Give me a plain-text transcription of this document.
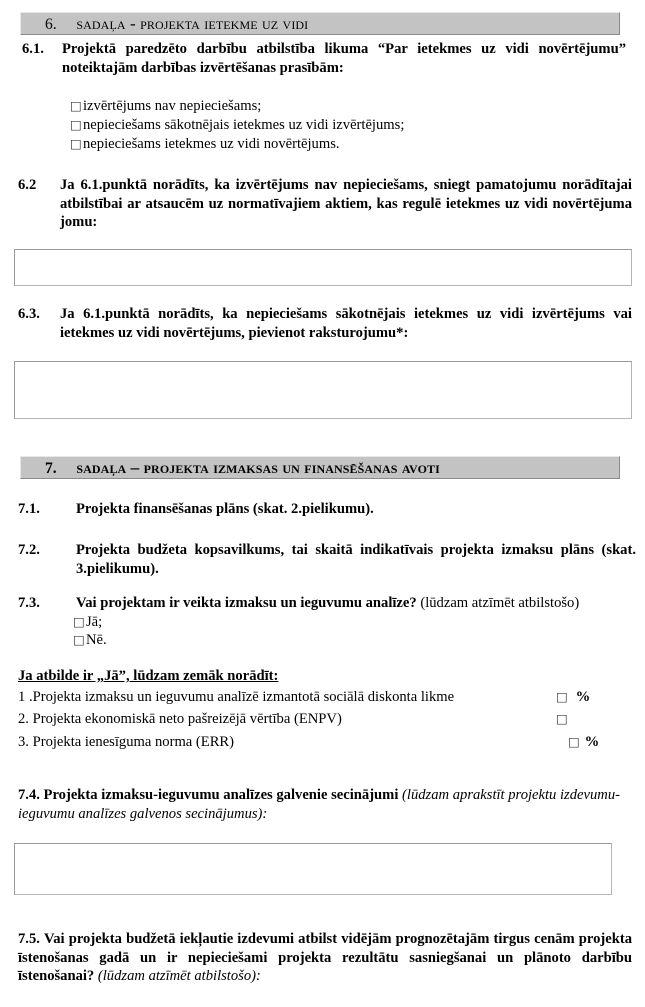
6. sadaļa - projekta ietekme uz vidi
6.1.	Projektā paredzēto darbību atbilstība likuma “Par ietekmes uz vidi novērtējumu” noteiktajām darbības izvērtēšanas prasībām:
□izvērtējums nav nepieciešams;
□nepieciešams sākotnējais ietekmes uz vidi izvērtējums;
□nepieciešams ietekmes uz vidi novērtējums.
6.2	Ja 6.1.punktā norādīts, ka izvērtējums nav nepieciešams, sniegt pamatojumu norādītajai atbilstībai ar atsaucēm uz normatīvajiem aktiem, kas regulē ietekmes uz vidi novērtējuma jomu:
6.3.	Ja 6.1.punktā norādīts, ka nepieciešams sākotnējais ietekmes uz vidi izvērtējums vai ietekmes uz vidi novērtējums, pievienot raksturojumu*:
7. sadaļa – projekta izmaksas un finansēšanas avoti
7.1.	Projekta finansēšanas plāns (skat. 2.pielikumu).
7.2.	Projekta budžeta kopsavilkums, tai skaitā indikatīvais projekta izmaksu plāns (skat. 3.pielikumu).
7.3. Vai projektam ir veikta izmaksu un ieguvumu analīze? (lūdzam atzīmēt atbilstošo)
□Jā;
□Nē.
Ja atbilde ir „Jā”, lūdzam zemāk norādīt:
1 .Projekta izmaksu un ieguvumu analīzē izmantotā sociālā diskonta likme	□ %
2. Projekta ekonomiskā neto pašreizējā vērtība (ENPV)	□
3. Projekta ienesīguma norma (ERR)	□ %
7.4. Projekta izmaksu-ieguvumu analīzes galvenie secinājumi (lūdzam aprakstīt projektu izdevumu-ieguvumu analīzes galvenos secinājumus):
7.5. Vai projekta budžetā iekļautie izdevumi atbilst vidējām prognozētajām tirgus cenām projekta īstenošanas gadā un ir nepieciešami projekta rezultātu sasniegšanai un plānoto darbību īstenošanai? (lūdzam atzīmēt atbilstošo):
